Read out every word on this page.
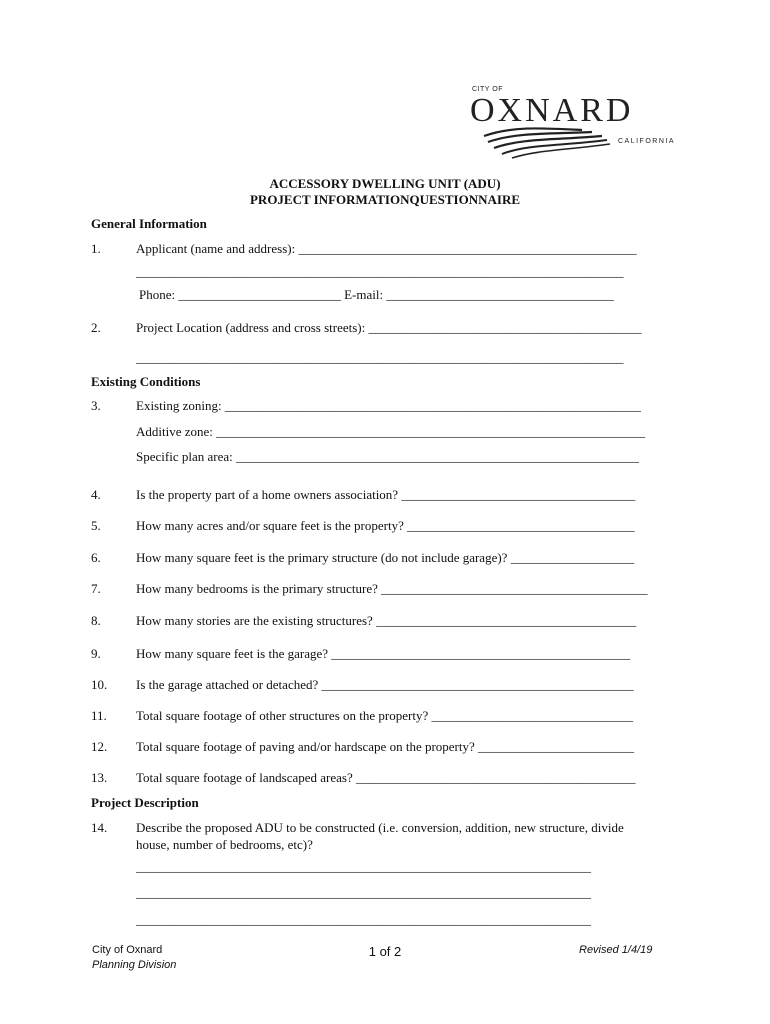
CITY OF
OXNARD
CALIFORNIA
ACCESSORY DWELLING UNIT (ADU)
PROJECT INFORMATIONQUESTIONNAIRE
General Information
1.	Applicant (name and address): ____________________________________________________
___________________________________________________________________________
Phone: _________________________ E-mail: ___________________________________
2.	Project Location (address and cross streets): __________________________________________
___________________________________________________________________________
Existing Conditions
3.	Existing zoning: ________________________________________________________________
Additive zone: __________________________________________________________________
Specific plan area: ______________________________________________________________
4.	Is the property part of a home owners association? ____________________________________
5.	How many acres and/or square feet is the property? ___________________________________
6.	How many square feet is the primary structure (do not include garage)? ___________________
7.	How many bedrooms is the primary structure? _________________________________________
8.	How many stories are the existing structures? ________________________________________
9.	How many square feet is the garage? ______________________________________________
10. Is the garage attached or detached? ________________________________________________
11. Total square footage of other structures on the property? _______________________________
12. Total square footage of paving and/or hardscape on the property? ________________________
13. Total square footage of landscaped areas? ___________________________________________
Project Description
14. Describe the proposed ADU to be constructed (i.e. conversion, addition, new structure, divide
house, number of bedrooms, etc)?
______________________________________________________________________
______________________________________________________________________
______________________________________________________________________
City of Oxnard
Planning Division
1 of 2	Revised 1/4/19
